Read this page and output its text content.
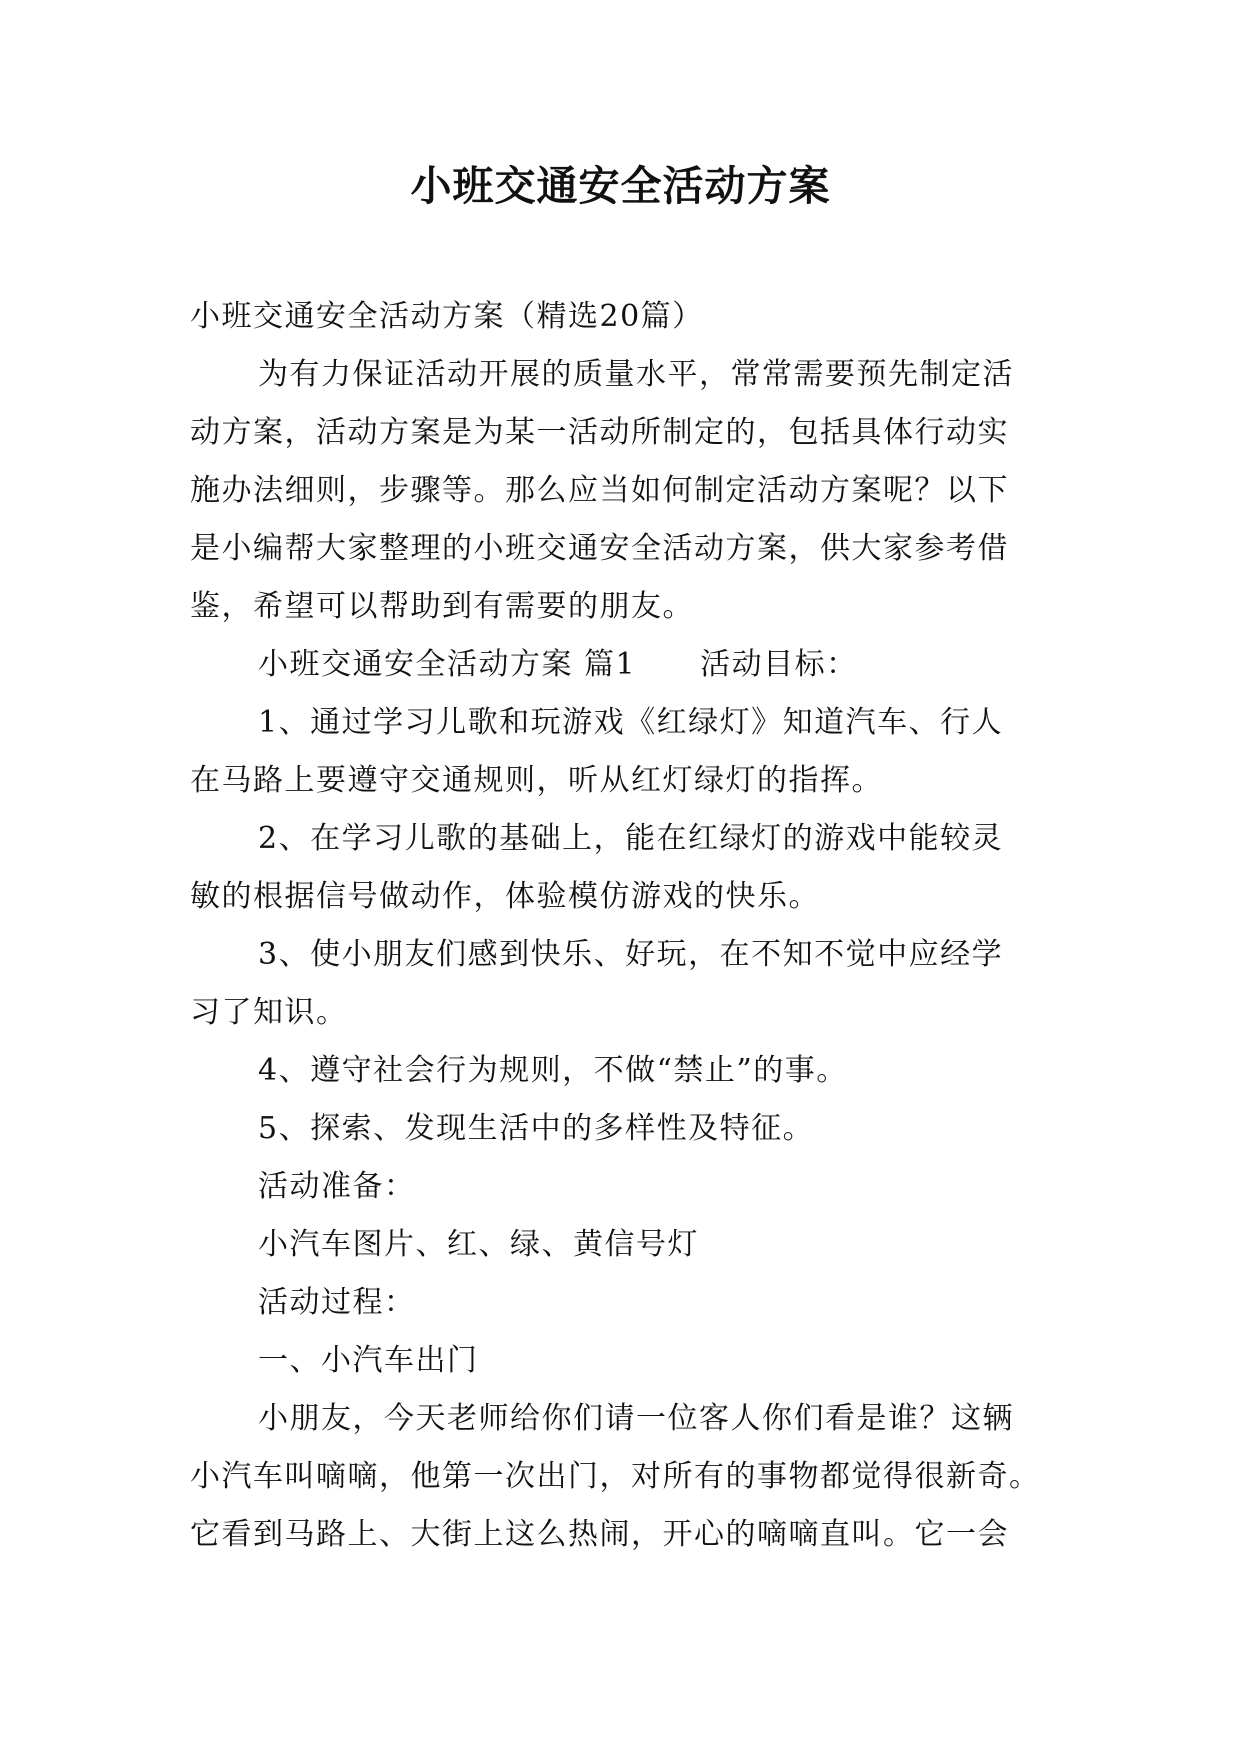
小班交通安全活动方案

小班交通安全活动方案（精选20篇）

为有力保证活动开展的质量水平，常常需要预先制定活
动方案，活动方案是为某一活动所制定的，包括具体行动实
施办法细则，步骤等。那么应当如何制定活动方案呢？以下
是小编帮大家整理的小班交通安全活动方案，供大家参考借
鉴，希望可以帮助到有需要的朋友。

小班交通安全活动方案 篇1 活动目标：

1、通过学习儿歌和玩游戏《红绿灯》知道汽车、行人
在马路上要遵守交通规则，听从红灯绿灯的指挥。

2、在学习儿歌的基础上，能在红绿灯的游戏中能较灵
敏的根据信号做动作，体验模仿游戏的快乐。

3、使小朋友们感到快乐、好玩，在不知不觉中应经学
习了知识。

4、遵守社会行为规则，不做“禁止”的事。

5、探索、发现生活中的多样性及特征。

活动准备：

小汽车图片、红、绿、黄信号灯

活动过程：

一、小汽车出门

小朋友，今天老师给你们请一位客人你们看是谁？这辆
小汽车叫嘀嘀，他第一次出门，对所有的事物都觉得很新奇。
它看到马路上、大街上这么热闹，开心的嘀嘀直叫。它一会
